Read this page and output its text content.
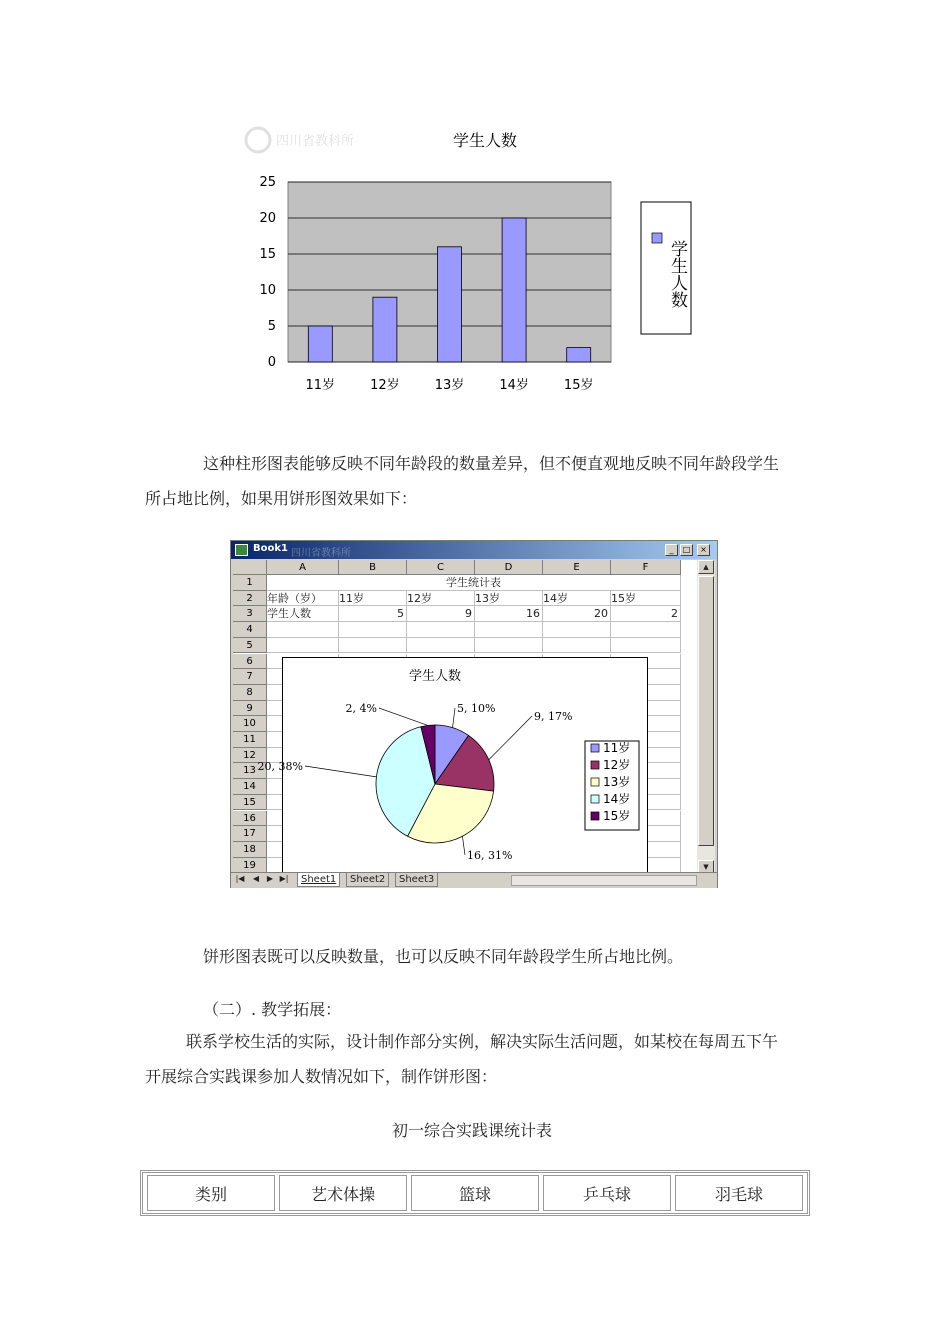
四川省教科所	学生人数
0
5
10
15
20
25
11岁	12岁	13岁	14岁	15岁
学生人数
这种柱形图表能够反映不同年龄段的数量差异，但不便直观地反映不同年龄段学生
所占地比例，如果用饼形图效果如下：
Book1 四川省教科所	_	□	×
A	B	C	D	E	F
1
2
3
4
5
6
7
8
9
10
11
12
13
14
15
16
17
18
19
学生统计表
年龄（岁）	11岁	12岁	13岁	14岁	15岁
学生人数	5	9	16	20	2
学生人数
5, 10%
9, 17%
16, 31%
20, 38%
2, 4%
11岁
12岁
13岁
14岁
15岁
▲
▼
|◀ ◀ ▶ ▶|	Sheet1	Sheet2	Sheet3
饼形图表既可以反映数量，也可以反映不同年龄段学生所占地比例。
（二）. 教学拓展：
联系学校生活的实际，设计制作部分实例，解决实际生活问题，如某校在每周五下午
开展综合实践课参加人数情况如下，制作饼形图：
初一综合实践课统计表
类别	艺术体操	篮球	乒乓球	羽毛球
